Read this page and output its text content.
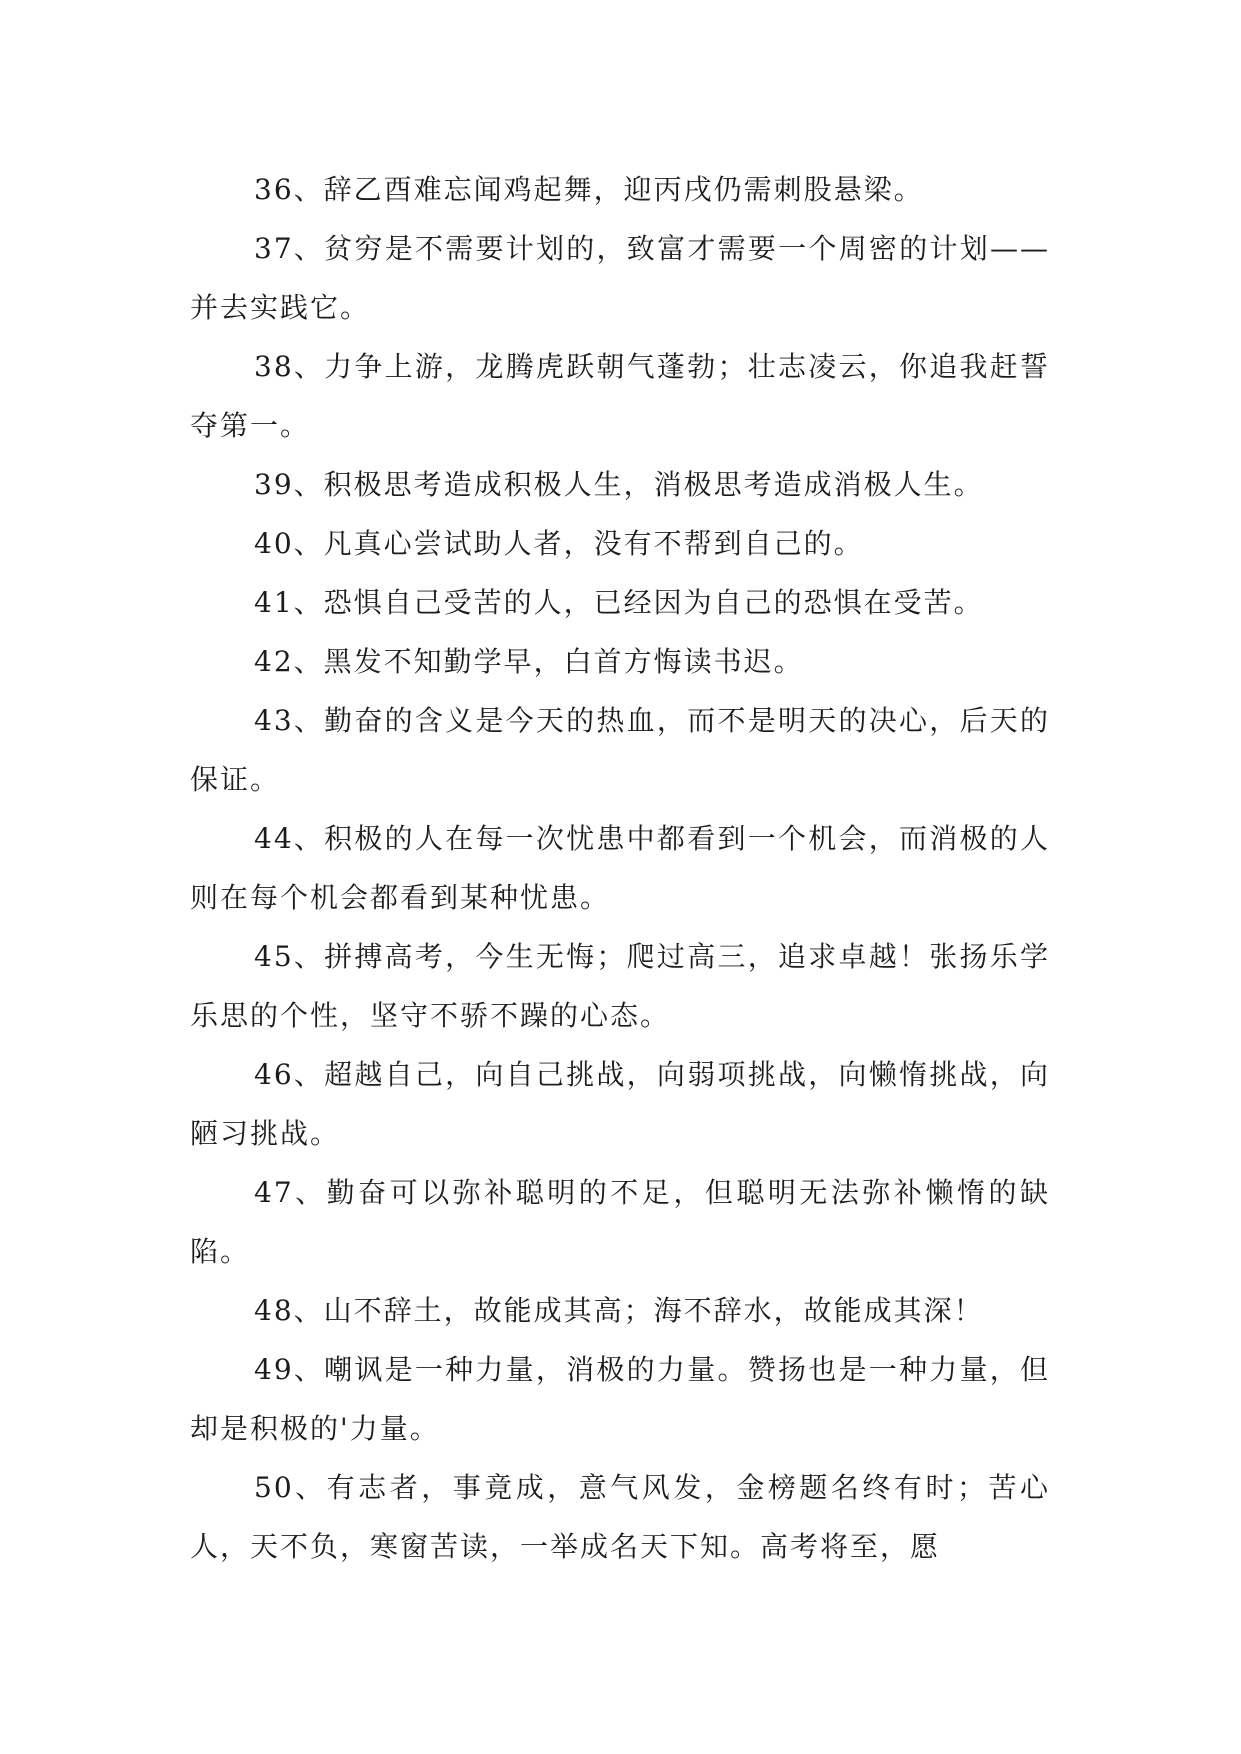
36、辞乙酉难忘闻鸡起舞，迎丙戌仍需刺股悬梁。

37、贫穷是不需要计划的，致富才需要一个周密的计划——并去实践它。

38、力争上游，龙腾虎跃朝气蓬勃；壮志凌云，你追我赶誓夺第一。

39、积极思考造成积极人生，消极思考造成消极人生。

40、凡真心尝试助人者，没有不帮到自己的。

41、恐惧自己受苦的人，已经因为自己的恐惧在受苦。

42、黑发不知勤学早，白首方悔读书迟。

43、勤奋的含义是今天的热血，而不是明天的决心，后天的保证。

44、积极的人在每一次忧患中都看到一个机会，而消极的人则在每个机会都看到某种忧患。

45、拼搏高考，今生无悔；爬过高三，追求卓越！张扬乐学乐思的个性，坚守不骄不躁的心态。

46、超越自己，向自己挑战，向弱项挑战，向懒惰挑战，向陋习挑战。

47、勤奋可以弥补聪明的不足，但聪明无法弥补懒惰的缺陷。

48、山不辞土，故能成其高；海不辞水，故能成其深！

49、嘲讽是一种力量，消极的力量。赞扬也是一种力量，但却是积极的'力量。

50、有志者，事竟成，意气风发，金榜题名终有时；苦心人，天不负，寒窗苦读，一举成名天下知。高考将至，愿
